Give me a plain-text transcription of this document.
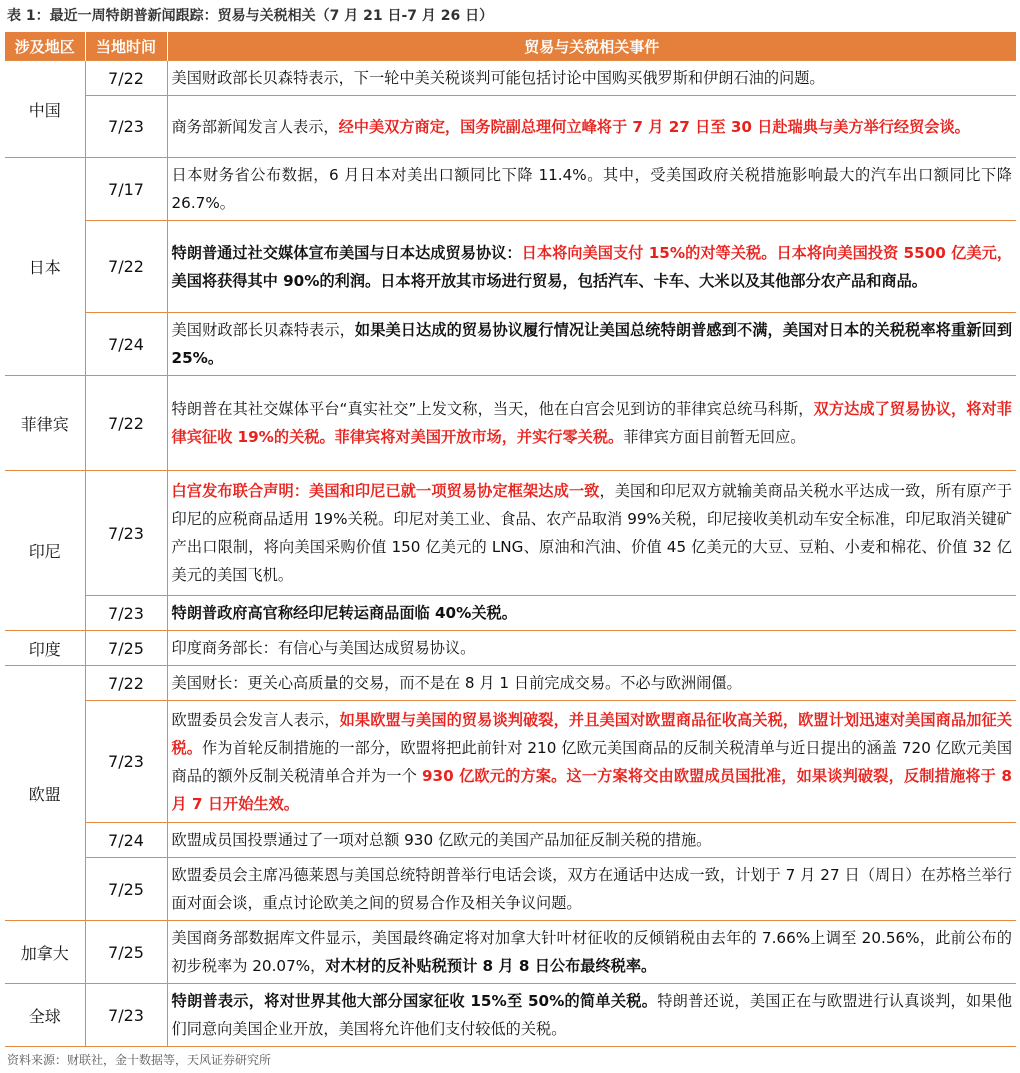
表 1：最近一周特朗普新闻跟踪：贸易与关税相关（7 月 21 日-7 月 26 日）
涉及地区	当地时间	贸易与关税相关事件
中国	7/22	美国财政部长贝森特表示，下一轮中美关税谈判可能包括讨论中国购买俄罗斯和伊朗石油的问题。
	7/23	商务部新闻发言人表示，经中美双方商定，国务院副总理何立峰将于 7 月 27 日至 30 日赴瑞典与美方举行经贸会谈。
日本	7/17	日本财务省公布数据，6 月日本对美出口额同比下降 11.4%。其中，受美国政府关税措施影响最大的汽车出口额同比下降 26.7%。
	7/22	特朗普通过社交媒体宣布美国与日本达成贸易协议：日本将向美国支付 15%的对等关税。日本将向美国投资 5500 亿美元，美国将获得其中 90%的利润。日本将开放其市场进行贸易，包括汽车、卡车、大米以及其他部分农产品和商品。
	7/24	美国财政部长贝森特表示，如果美日达成的贸易协议履行情况让美国总统特朗普感到不满，美国对日本的关税税率将重新回到 25%。
菲律宾	7/22	特朗普在其社交媒体平台“真实社交”上发文称，当天，他在白宫会见到访的菲律宾总统马科斯，双方达成了贸易协议，将对菲律宾征收 19%的关税。菲律宾将对美国开放市场，并实行零关税。菲律宾方面目前暂无回应。
印尼	7/23	白宫发布联合声明：美国和印尼已就一项贸易协定框架达成一致，美国和印尼双方就输美商品关税水平达成一致，所有原产于印尼的应税商品适用 19%关税。印尼对美工业、食品、农产品取消 99%关税，印尼接收美机动车安全标准，印尼取消关键矿产出口限制，将向美国采购价值 150 亿美元的 LNG、原油和汽油、价值 45 亿美元的大豆、豆粕、小麦和棉花、价值 32 亿美元的美国飞机。
	7/23	特朗普政府高官称经印尼转运商品面临 40%关税。
印度	7/25	印度商务部长：有信心与美国达成贸易协议。
欧盟	7/22	美国财长：更关心高质量的交易，而不是在 8 月 1 日前完成交易。不必与欧洲闹僵。
	7/23	欧盟委员会发言人表示，如果欧盟与美国的贸易谈判破裂，并且美国对欧盟商品征收高关税，欧盟计划迅速对美国商品加征关税。作为首轮反制措施的一部分，欧盟将把此前针对 210 亿欧元美国商品的反制关税清单与近日提出的涵盖 720 亿欧元美国商品的额外反制关税清单合并为一个 930 亿欧元的方案。这一方案将交由欧盟成员国批准，如果谈判破裂，反制措施将于 8 月 7 日开始生效。
	7/24	欧盟成员国投票通过了一项对总额 930 亿欧元的美国产品加征反制关税的措施。
	7/25	欧盟委员会主席冯德莱恩与美国总统特朗普举行电话会谈，双方在通话中达成一致，计划于 7 月 27 日（周日）在苏格兰举行面对面会谈，重点讨论欧美之间的贸易合作及相关争议问题。
加拿大	7/25	美国商务部数据库文件显示，美国最终确定将对加拿大针叶材征收的反倾销税由去年的 7.66%上调至 20.56%，此前公布的初步税率为 20.07%，对木材的反补贴税预计 8 月 8 日公布最终税率。
全球	7/23	特朗普表示，将对世界其他大部分国家征收 15%至 50%的简单关税。特朗普还说，美国正在与欧盟进行认真谈判，如果他们同意向美国企业开放，美国将允许他们支付较低的关税。
资料来源：财联社，金十数据等，天风证券研究所
